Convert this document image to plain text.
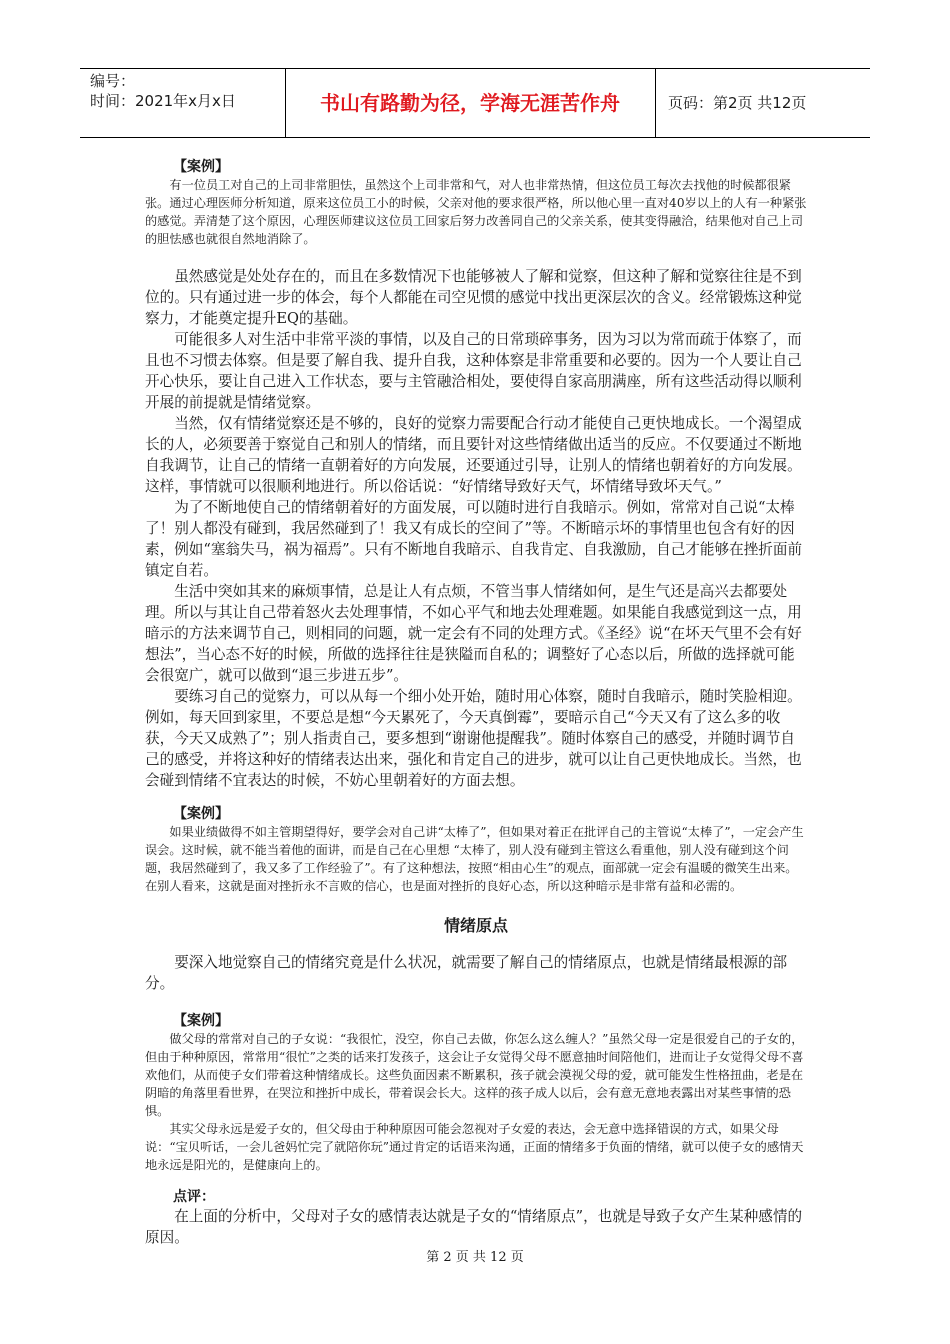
编号：
时间：2021年x月x日	书山有路勤为径，学海无涯苦作舟	页码：第2页 共12页
【案例】

有一位员工对自己的上司非常胆怯，虽然这个上司非常和气，对人也非常热情，但这位员工每次去找他的时候都很紧张。通过心理医师分析知道，原来这位员工小的时候，父亲对他的要求很严格，所以他心里一直对40岁以上的人有一种紧张的感觉。弄清楚了这个原因，心理医师建议这位员工回家后努力改善同自己的父亲关系，使其变得融洽，结果他对自己上司的胆怯感也就很自然地消除了。

虽然感觉是处处存在的，而且在多数情况下也能够被人了解和觉察，但这种了解和觉察往往是不到位的。只有通过进一步的体会，每个人都能在司空见惯的感觉中找出更深层次的含义。经常锻炼这种觉察力，才能奠定提升EQ的基础。

可能很多人对生活中非常平淡的事情，以及自己的日常琐碎事务，因为习以为常而疏于体察了，而且也不习惯去体察。但是要了解自我、提升自我，这种体察是非常重要和必要的。因为一个人要让自己开心快乐，要让自己进入工作状态，要与主管融洽相处，要使得自家高朋满座，所有这些活动得以顺利开展的前提就是情绪觉察。

当然，仅有情绪觉察还是不够的，良好的觉察力需要配合行动才能使自己更快地成长。一个渴望成长的人，必须要善于察觉自己和别人的情绪，而且要针对这些情绪做出适当的反应。不仅要通过不断地自我调节，让自己的情绪一直朝着好的方向发展，还要通过引导，让别人的情绪也朝着好的方向发展。这样，事情就可以很顺利地进行。所以俗话说：“好情绪导致好天气，坏情绪导致坏天气。”

为了不断地使自己的情绪朝着好的方面发展，可以随时进行自我暗示。例如，常常对自己说“太棒了！别人都没有碰到，我居然碰到了！我又有成长的空间了”等。不断暗示坏的事情里也包含有好的因素，例如“塞翁失马，祸为福焉”。只有不断地自我暗示、自我肯定、自我激励，自己才能够在挫折面前镇定自若。

生活中突如其来的麻烦事情，总是让人有点烦，不管当事人情绪如何，是生气还是高兴去都要处理。所以与其让自己带着怒火去处理事情，不如心平气和地去处理难题。如果能自我感觉到这一点，用暗示的方法来调节自己，则相同的问题，就一定会有不同的处理方式。《圣经》说“在坏天气里不会有好想法”，当心态不好的时候，所做的选择往往是狭隘而自私的；调整好了心态以后，所做的选择就可能会很宽广，就可以做到“退三步进五步”。

要练习自己的觉察力，可以从每一个细小处开始，随时用心体察，随时自我暗示，随时笑脸相迎。例如，每天回到家里，不要总是想“今天累死了，今天真倒霉”，要暗示自己“今天又有了这么多的收获，今天又成熟了”；别人指责自己，要多想到“谢谢他提醒我”。随时体察自己的感受，并随时调节自己的感受，并将这种好的情绪表达出来，强化和肯定自己的进步，就可以让自己更快地成长。当然，也会碰到情绪不宜表达的时候，不妨心里朝着好的方面去想。

【案例】

如果业绩做得不如主管期望得好，要学会对自己讲“太棒了”，但如果对着正在批评自己的主管说“太棒了”，一定会产生误会。这时候，就不能当着他的面讲，而是自己在心里想 “太棒了，别人没有碰到主管这么看重他，别人没有碰到这个问题，我居然碰到了，我又多了工作经验了”。有了这种想法，按照“相由心生”的观点，面部就一定会有温暖的微笑生出来。在别人看来，这就是面对挫折永不言败的信心，也是面对挫折的良好心态，所以这种暗示是非常有益和必需的。

情绪原点

要深入地觉察自己的情绪究竟是什么状况，就需要了解自己的情绪原点，也就是情绪最根源的部分。

【案例】

做父母的常常对自己的子女说：“我很忙，没空，你自己去做，你怎么这么缠人？”虽然父母一定是很爱自己的子女的，但由于种种原因，常常用“很忙”之类的话来打发孩子，这会让子女觉得父母不愿意抽时间陪他们，进而让子女觉得父母不喜欢他们，从而使子女们带着这种情绪成长。这些负面因素不断累积，孩子就会漠视父母的爱，就可能发生性格扭曲，老是在阴暗的角落里看世界，在哭泣和挫折中成长，带着误会长大。这样的孩子成人以后，会有意无意地表露出对某些事情的恐惧。

其实父母永远是爱子女的，但父母由于种种原因可能会忽视对子女爱的表达，会无意中选择错误的方式，如果父母说：“宝贝听话，一会儿爸妈忙完了就陪你玩”通过肯定的话语来沟通，正面的情绪多于负面的情绪，就可以使子女的感情天地永远是阳光的，是健康向上的。

点评：

在上面的分析中，父母对子女的感情表达就是子女的“情绪原点”，也就是导致子女产生某种感情的原因。

第 2 页 共 12 页
